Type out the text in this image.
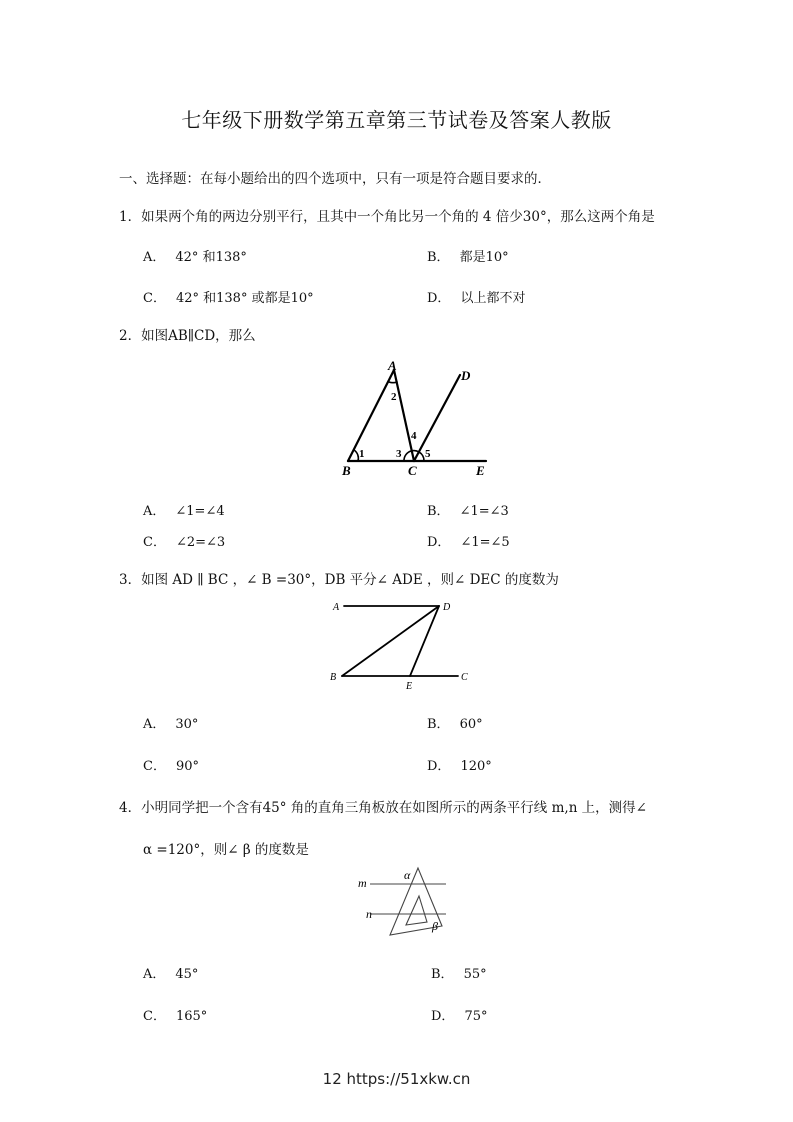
七年级下册数学第五章第三节试卷及答案人教版
一、选择题：在每小题给出的四个选项中，只有一项是符合题目要求的．
1．如果两个角的两边分别平行，且其中一个角比另一个角的 4 倍少30°，那么这两个角是
A． 42° 和138°	B． 都是10°
C． 42° 和138° 或都是10°	D． 以上都不对
2．如图AB∥CD，那么
A
B	C
D
E
1
2
3
4
5
A． ∠1=∠4	B． ∠1=∠3
C． ∠2=∠3	D． ∠1=∠5
3．如图 AD ∥ BC ，∠ B =30°，DB 平分∠ ADE ，则∠ DEC 的度数为
A	D
B
E
C
A． 30°	B． 60°
C． 90°	D． 120°
4．小明同学把一个含有45° 角的直角三角板放在如图所示的两条平行线 m,n 上，测得∠
α =120°，则∠ β 的度数是
m
n
α
β
A． 45°	B． 55°
C． 165°	D． 75°
12 https://51xkw.cn
